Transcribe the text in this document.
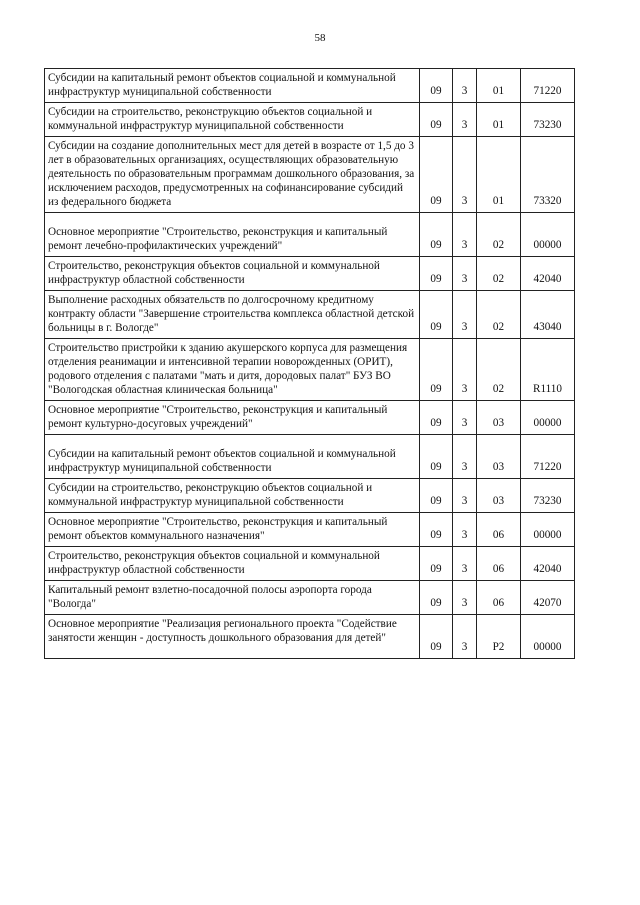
58
Субсидии на капитальный ремонт объектов социальной и коммунальной инфраструктур муниципальной собственности	09	3	01	71220
Субсидии на строительство, реконструкцию объектов социальной и коммунальной инфраструктур муниципальной собственности	09	3	01	73230
Субсидии на создание дополнительных мест для детей в возрасте от 1,5 до 3 лет в образовательных организациях, осуществляющих образовательную деятельность по образовательным программам дошкольного образования, за исключением расходов, предусмотренных на софинансирование субсидий из федерального бюджета	09	3	01	73320

Основное мероприятие "Строительство, реконструкция и капитальный ремонт лечебно-профилактических учреждений"	09	3	02	00000
Строительство, реконструкция объектов социальной и коммунальной инфраструктур областной собственности	09	3	02	42040
Выполнение расходных обязательств по долгосрочному кредитному контракту области "Завершение строительства комплекса областной детской больницы в г. Вологде"	09	3	02	43040
Строительство пристройки к зданию акушерского корпуса для размещения отделения реанимации и интенсивной терапии новорожденных (ОРИТ), родового отделения с палатами "мать и дитя, дородовых палат" БУЗ ВО "Вологодская областная клиническая больница"	09	3	02	R1110
Основное мероприятие "Строительство, реконструкция и капитальный ремонт культурно-досуговых учреждений"	09	3	03	00000

Субсидии на капитальный ремонт объектов социальной и коммунальной инфраструктур муниципальной собственности	09	3	03	71220
Субсидии на строительство, реконструкцию объектов социальной и коммунальной инфраструктур муниципальной собственности	09	3	03	73230
Основное мероприятие "Строительство, реконструкция и капитальный ремонт объектов коммунального назначения"	09	3	06	00000
Строительство, реконструкция объектов социальной и коммунальной инфраструктур областной собственности	09	3	06	42040
Капитальный ремонт взлетно-посадочной полосы аэропорта города "Вологда"	09	3	06	42070
Основное мероприятие "Реализация регионального проекта "Содействие занятости женщин - доступность дошкольного образования для детей"	09	3	P2	00000
